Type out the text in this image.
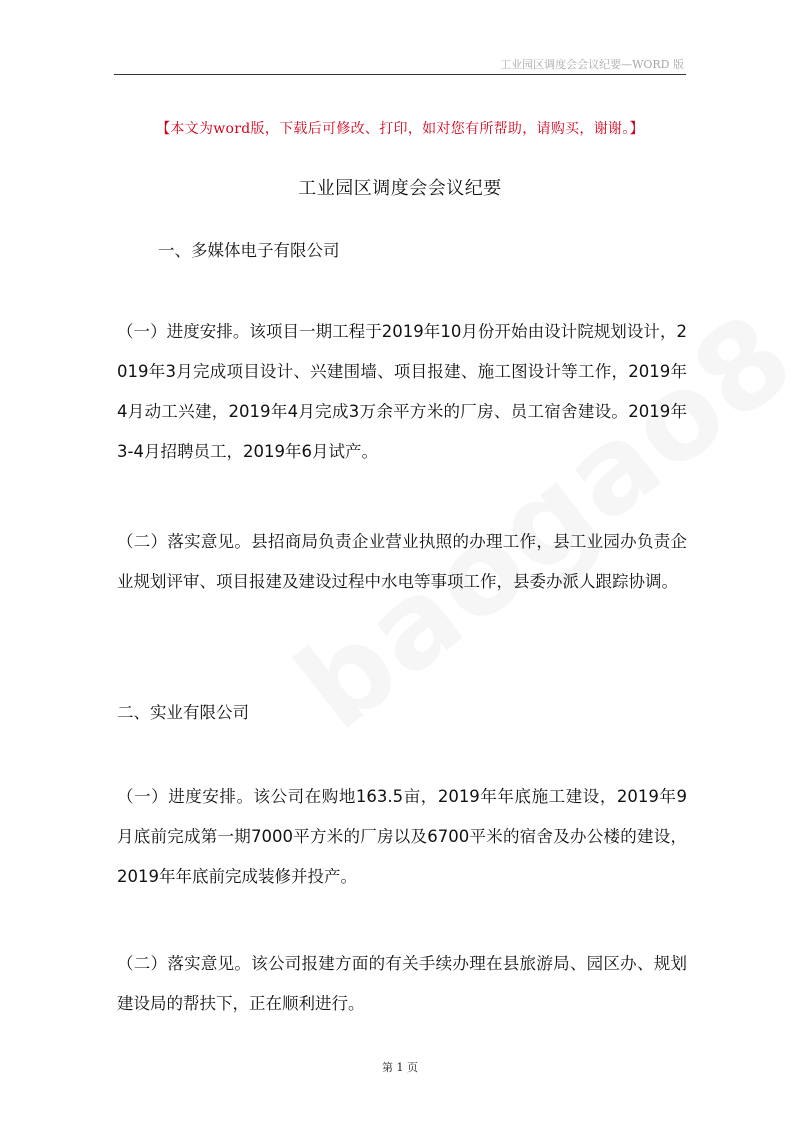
工业园区调度会会议纪要—WORD 版
【本文为word版，下载后可修改、打印，如对您有所帮助，请购买，谢谢。】
工业园区调度会会议纪要
一、多媒体电子有限公司
（一）进度安排。该项目一期工程于2019年10月份开始由设计院规划设计，2019年3月完成项目设计、兴建围墙、项目报建、施工图设计等工作，2019年4月动工兴建，2019年4月完成3万余平方米的厂房、员工宿舍建设。2019年3-4月招聘员工，2019年6月试产。
（二）落实意见。县招商局负责企业营业执照的办理工作，县工业园办负责企业规划评审、项目报建及建设过程中水电等事项工作，县委办派人跟踪协调。
二、实业有限公司
（一）进度安排。该公司在购地163.5亩，2019年年底施工建设，2019年9月底前完成第一期7000平方米的厂房以及6700平米的宿舍及办公楼的建设，2019年年底前完成装修并投产。
（二）落实意见。该公司报建方面的有关手续办理在县旅游局、园区办、规划建设局的帮扶下，正在顺利进行。
第 1 页
